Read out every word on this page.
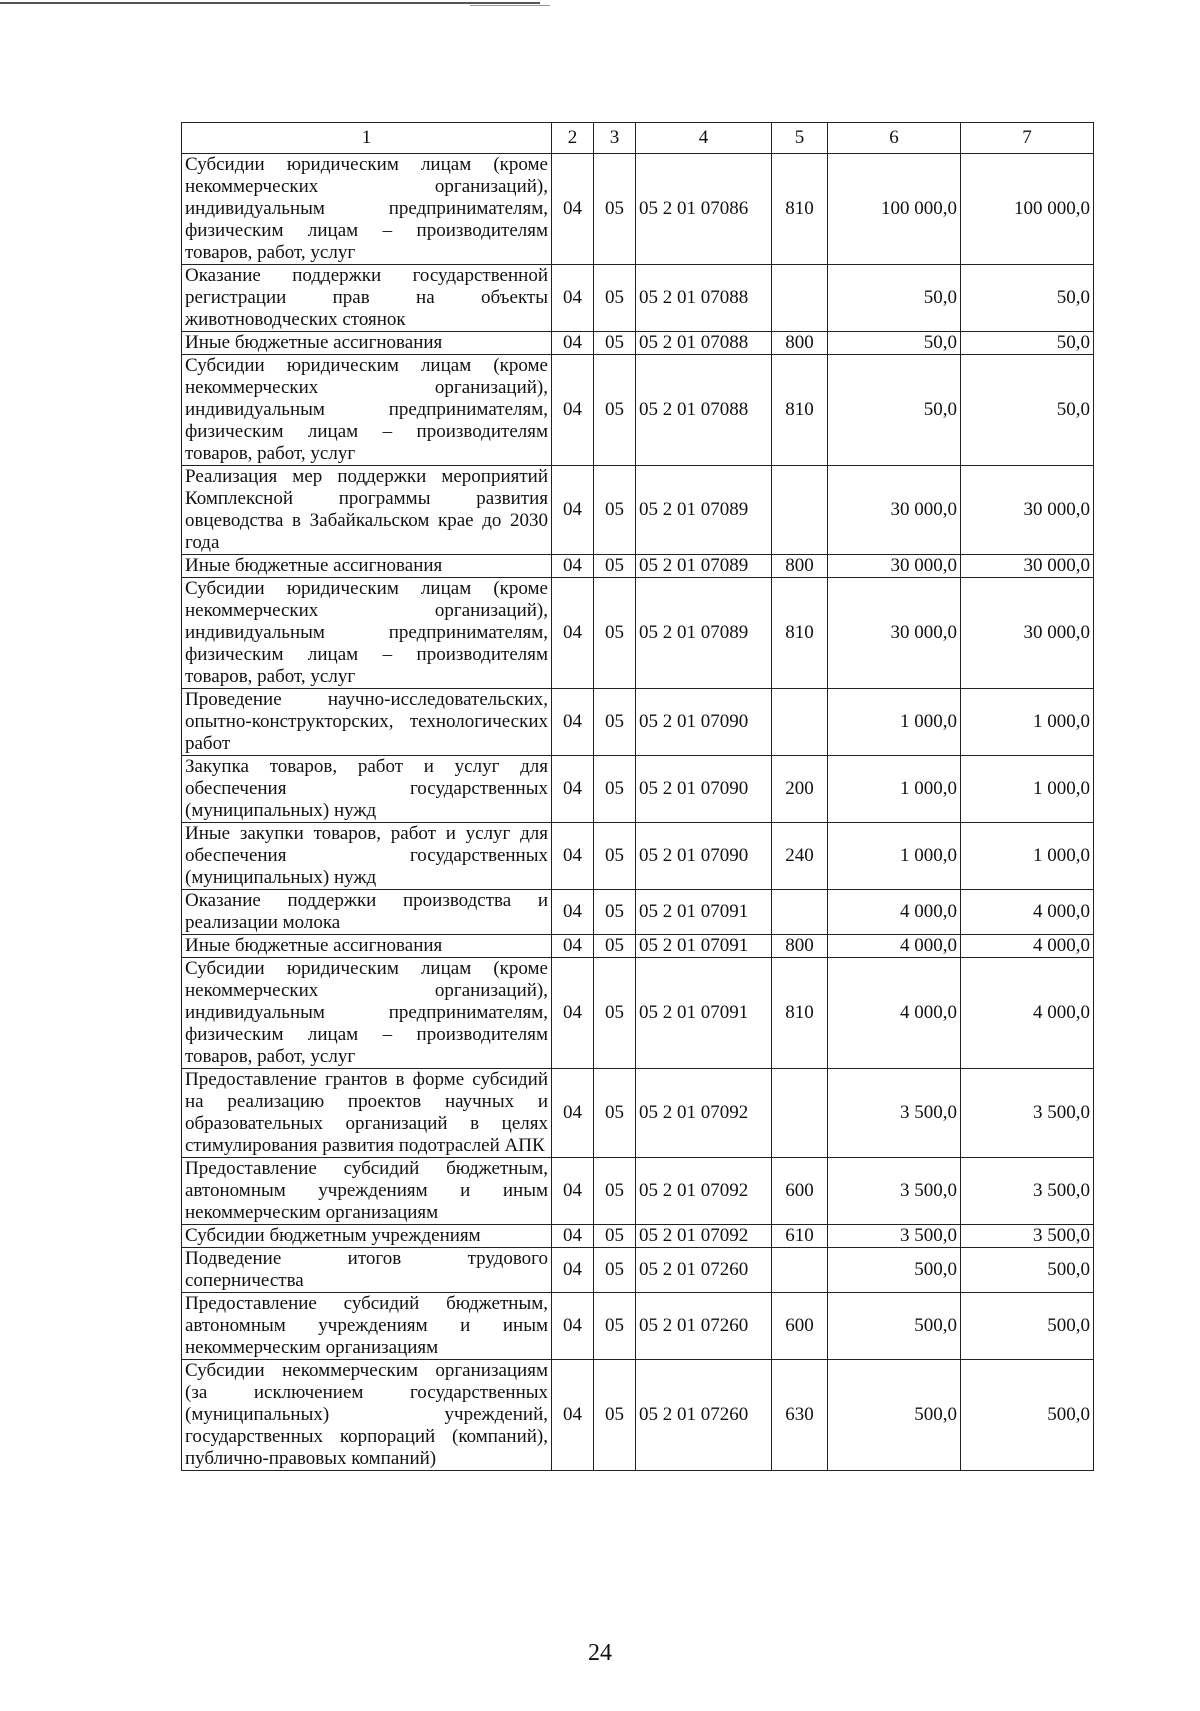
1	2	3	4	5	6	7
Субсидии юридическим лицам (кроме некоммерческих организаций), индивидуальным предпринимателям, физическим лицам – производителям товаров, работ, услуг	04	05	05 2 01 07086	810	100 000,0	100 000,0
Оказание поддержки государственной регистрации прав на объекты животноводческих стоянок	04	05	05 2 01 07088		50,0	50,0
Иные бюджетные ассигнования	04	05	05 2 01 07088	800	50,0	50,0
Субсидии юридическим лицам (кроме некоммерческих организаций), индивидуальным предпринимателям, физическим лицам – производителям товаров, работ, услуг	04	05	05 2 01 07088	810	50,0	50,0
Реализация мер поддержки мероприятий Комплексной программы развития овцеводства в Забайкальском крае до 2030 года	04	05	05 2 01 07089		30 000,0	30 000,0
Иные бюджетные ассигнования	04	05	05 2 01 07089	800	30 000,0	30 000,0
Субсидии юридическим лицам (кроме некоммерческих организаций), индивидуальным предпринимателям, физическим лицам – производителям товаров, работ, услуг	04	05	05 2 01 07089	810	30 000,0	30 000,0
Проведение научно-исследовательских, опытно-конструкторских, технологических работ	04	05	05 2 01 07090		1 000,0	1 000,0
Закупка товаров, работ и услуг для обеспечения государственных (муниципальных) нужд	04	05	05 2 01 07090	200	1 000,0	1 000,0
Иные закупки товаров, работ и услуг для обеспечения государственных (муниципальных) нужд	04	05	05 2 01 07090	240	1 000,0	1 000,0
Оказание поддержки производства и реализации молока	04	05	05 2 01 07091		4 000,0	4 000,0
Иные бюджетные ассигнования	04	05	05 2 01 07091	800	4 000,0	4 000,0
Субсидии юридическим лицам (кроме некоммерческих организаций), индивидуальным предпринимателям, физическим лицам – производителям товаров, работ, услуг	04	05	05 2 01 07091	810	4 000,0	4 000,0
Предоставление грантов в форме субсидий на реализацию проектов научных и образовательных организаций в целях стимулирования развития подотраслей АПК	04	05	05 2 01 07092		3 500,0	3 500,0
Предоставление субсидий бюджетным, автономным учреждениям и иным некоммерческим организациям	04	05	05 2 01 07092	600	3 500,0	3 500,0
Субсидии бюджетным учреждениям	04	05	05 2 01 07092	610	3 500,0	3 500,0
Подведение итогов трудового соперничества	04	05	05 2 01 07260		500,0	500,0
Предоставление субсидий бюджетным, автономным учреждениям и иным некоммерческим организациям	04	05	05 2 01 07260	600	500,0	500,0
Субсидии некоммерческим организациям (за исключением государственных (муниципальных) учреждений, государственных корпораций (компаний), публично-правовых компаний)	04	05	05 2 01 07260	630	500,0	500,0
24
